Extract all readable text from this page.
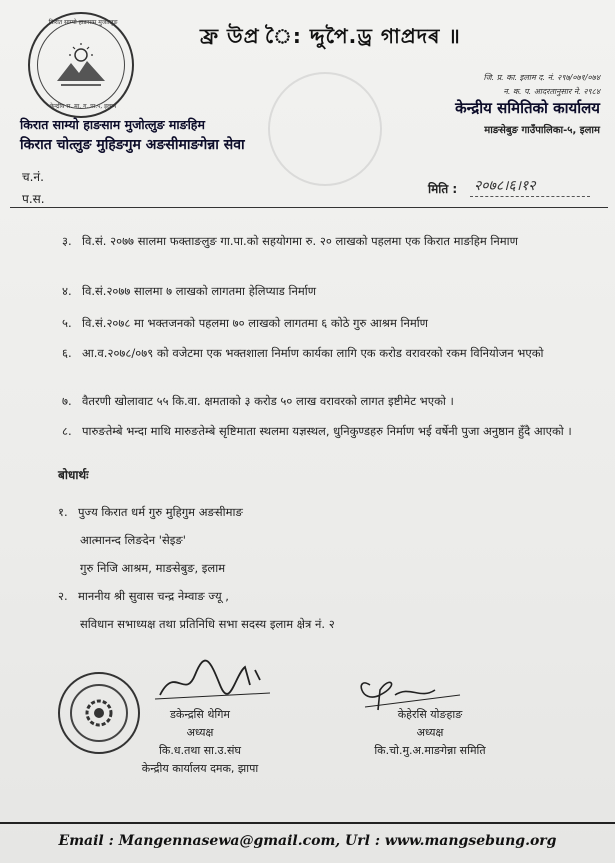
किरात साम्यो हाङसाम मुजोत्लुङ
केन्द्रीय स. मा. ग. पा.५, इलाम
ফ্ৰ উপ্ৰ ৈ: দ্দুপৈ.ড্ৰ গাপ্ৰদৰ ॥
जि. प्र. का. इलाम द. नं. २९७/०७१/०७४
न. क. प. आदरतानुसार ने. २९८४
केन्द्रीय समितिको कार्यालय
माङसेबुङ गाउँपालिका-५, इलाम
किरात साम्यो हाङसाम मुजोत्लुङ माङहिम
किरात चोत्लुङ मुहिङगुम अङसीमाङगेन्ना सेवा
च.नं.
प.स.
मिति : २०७८।६।१२
३. वि.सं. २०७७ सालमा फक्ताङलुङ गा.पा.को सहयोगमा रु. २० लाखको पहलमा एक किरात माङहिम निमाण
४. वि.सं.२०७७ सालमा ७ लाखको लागतमा हेलिप्याड निर्माण
५. वि.सं.२०७८ मा भक्तजनको पहलमा ७० लाखको लागतमा ६ कोठे गुरु आश्रम निर्माण
६. आ.व.२०७८/०७९ को वजेटमा एक भक्तशाला निर्माण कार्यका लागि एक करोड वरावरको रकम विनियोजन भएको
७. वैतरणी खोलावाट ५५ कि.वा. क्षमताको ३ करोड ५० लाख वरावरको लागत इष्टीमेट भएको ।
८. पारुङतेम्बे भन्दा माथि मारुङतेम्बे सृष्टिमाता स्थलमा यज्ञस्थल, धुनिकुण्डहरु निर्माण भई वर्षेनी पुजा अनुष्ठान हुँदै आएको ।
बोधार्थः
१. पुज्य किरात धर्म गुरु मुहिगुम अङसीमाङ
आत्मानन्द लिङदेन 'सेइङ'
गुरु निजि आश्रम, माङसेबुङ, इलाम
२. माननीय श्री सुवास चन्द्र नेम्वाङ ज्यू ,
सविधान सभाध्यक्ष तथा प्रतिनिधि सभा सदस्य इलाम क्षेत्र नं. २
डकेन्द्रसि थेगिम
अध्यक्ष
कि.ध.तथा सा.उ.संघ
केन्द्रीय कार्यालय दमक, झापा
केहेरसि योङहाङ
अध्यक्ष
कि.चो.मु.अ.माङगेन्ना समिति
Email : Mangennasewa@gmail.com, Url : www.mangsebung.org
